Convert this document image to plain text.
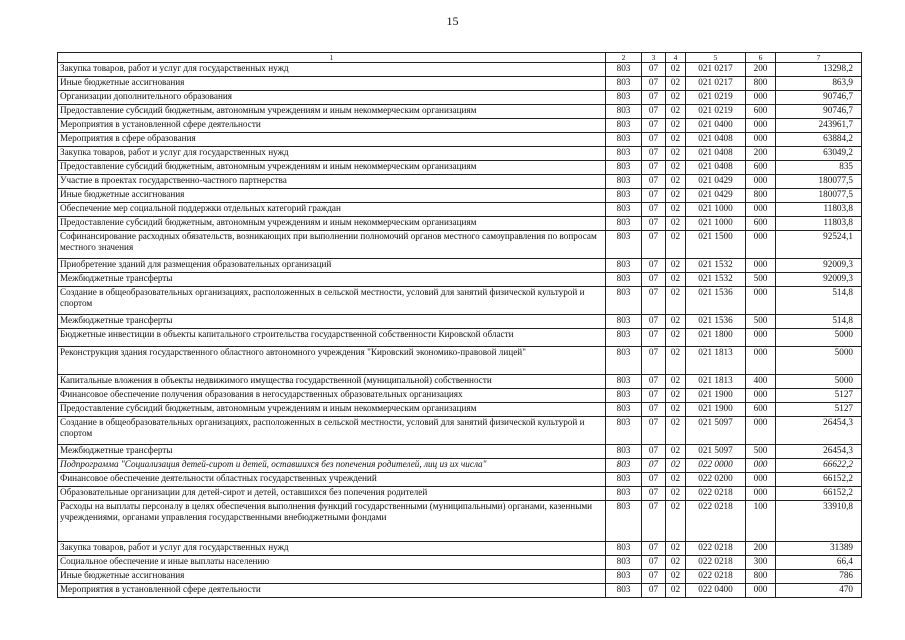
15
1	2	3	4	5	6	7
Закупка товаров, работ и услуг для государственных нужд	803	07	02	021 0217	200	13298,2
Иные бюджетные ассигнования	803	07	02	021 0217	800	863,9
Организации дополнительного образования	803	07	02	021 0219	000	90746,7
Предоставление субсидий бюджетным, автономным учреждениям и иным некоммерческим организациям	803	07	02	021 0219	600	90746,7
Мероприятия в установленной сфере деятельности	803	07	02	021 0400	000	243961,7
Мероприятия в сфере образования	803	07	02	021 0408	000	63884,2
Закупка товаров, работ и услуг для государственных нужд	803	07	02	021 0408	200	63049,2
Предоставление субсидий бюджетным, автономным учреждениям и иным некоммерческим организациям	803	07	02	021 0408	600	835
Участие в проектах государственно-частного партнерства	803	07	02	021 0429	000	180077,5
Иные бюджетные ассигнования	803	07	02	021 0429	800	180077,5
Обеспечение мер социальной поддержки отдельных категорий граждан	803	07	02	021 1000	000	11803,8
Предоставление субсидий бюджетным, автономным учреждениям и иным некоммерческим организациям	803	07	02	021 1000	600	11803,8
Софинансирование расходных обязательств, возникающих при выполнении полномочий органов местного самоуправления по вопросам местного значения	803	07	02	021 1500	000	92524,1
Приобретение зданий для размещения образовательных организаций	803	07	02	021 1532	000	92009,3
Межбюджетные трансферты	803	07	02	021 1532	500	92009,3
Создание в общеобразовательных организациях, расположенных в сельской местности, условий для занятий физической культурой и спортом	803	07	02	021 1536	000	514,8
Межбюджетные трансферты	803	07	02	021 1536	500	514,8
Бюджетные инвестиции в объекты капитального строительства государственной собственности Кировской области	803	07	02	021 1800	000	5000
Реконструкция здания государственного областного автономного учреждения "Кировский экономико-правовой лицей"	803	07	02	021 1813	000	5000
Капитальные вложения в объекты недвижимого имущества государственной (муниципальной) собственности	803	07	02	021 1813	400	5000
Финансовое обеспечение получения образования в негосударственных образовательных организациях	803	07	02	021 1900	000	5127
Предоставление субсидий бюджетным, автономным учреждениям и иным некоммерческим организациям	803	07	02	021 1900	600	5127
Создание в общеобразовательных организациях, расположенных в сельской местности, условий для занятий физической культурой и спортом	803	07	02	021 5097	000	26454,3
Межбюджетные трансферты	803	07	02	021 5097	500	26454,3
Подпрограмма "Социализация детей-сирот и детей, оставшихся без попечения родителей, лиц из их числа"	803	07	02	022 0000	000	66622,2
Финансовое обеспечение деятельности областных государственных учреждений	803	07	02	022 0200	000	66152,2
Образовательные организации для детей-сирот и детей, оставшихся без попечения родителей	803	07	02	022 0218	000	66152,2
Расходы на выплаты персоналу в целях обеспечения выполнения функций государственными (муниципальными) органами, казенными учреждениями, органами управления государственными внебюджетными фондами	803	07	02	022 0218	100	33910,8
Закупка товаров, работ и услуг для государственных нужд	803	07	02	022 0218	200	31389
Социальное обеспечение и иные выплаты населению	803	07	02	022 0218	300	66,4
Иные бюджетные ассигнования	803	07	02	022 0218	800	786
Мероприятия в установленной сфере деятельности	803	07	02	022 0400	000	470
